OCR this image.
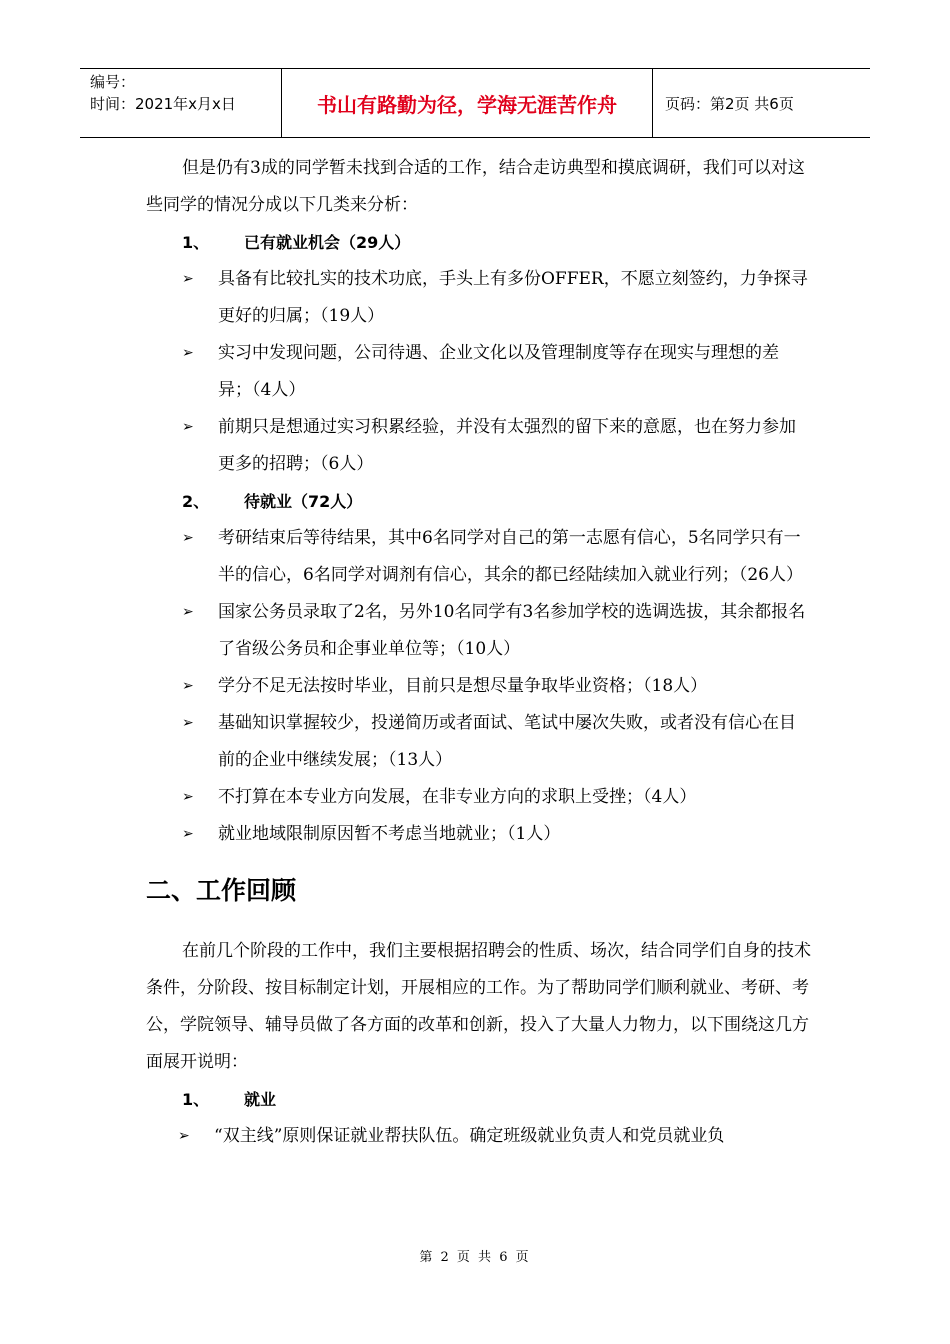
编号：
时间：2021年x月x日	书山有路勤为径，学海无涯苦作舟	页码：第2页 共6页

但是仍有3成的同学暂未找到合适的工作，结合走访典型和摸底调研，我们可以对这些同学的情况分成以下几类来分析：

1、	已有就业机会（29人）
➢ 具备有比较扎实的技术功底，手头上有多份OFFER，不愿立刻签约，力争探寻更好的归属；（19人）
➢ 实习中发现问题，公司待遇、企业文化以及管理制度等存在现实与理想的差异；（4人）
➢ 前期只是想通过实习积累经验，并没有太强烈的留下来的意愿，也在努力参加更多的招聘；（6人）
2、	待就业（72人）
➢ 考研结束后等待结果，其中6名同学对自己的第一志愿有信心，5名同学只有一半的信心，6名同学对调剂有信心，其余的都已经陆续加入就业行列；（26人）
➢ 国家公务员录取了2名，另外10名同学有3名参加学校的选调选拔，其余都报名了省级公务员和企事业单位等；（10人）
➢ 学分不足无法按时毕业，目前只是想尽量争取毕业资格；（18人）
➢ 基础知识掌握较少，投递简历或者面试、笔试中屡次失败，或者没有信心在目前的企业中继续发展；（13人）
➢ 不打算在本专业方向发展，在非专业方向的求职上受挫；（4人）
➢ 就业地域限制原因暂不考虑当地就业；（1人）
二、工作回顾

在前几个阶段的工作中，我们主要根据招聘会的性质、场次，结合同学们自身的技术条件，分阶段、按目标制定计划，开展相应的工作。为了帮助同学们顺利就业、考研、考公，学院领导、辅导员做了各方面的改革和创新，投入了大量人力物力，以下围绕这几方面展开说明：

1、	就业
➢ “双主线”原则保证就业帮扶队伍。确定班级就业负责人和党员就业负
第 2 页 共 6 页
